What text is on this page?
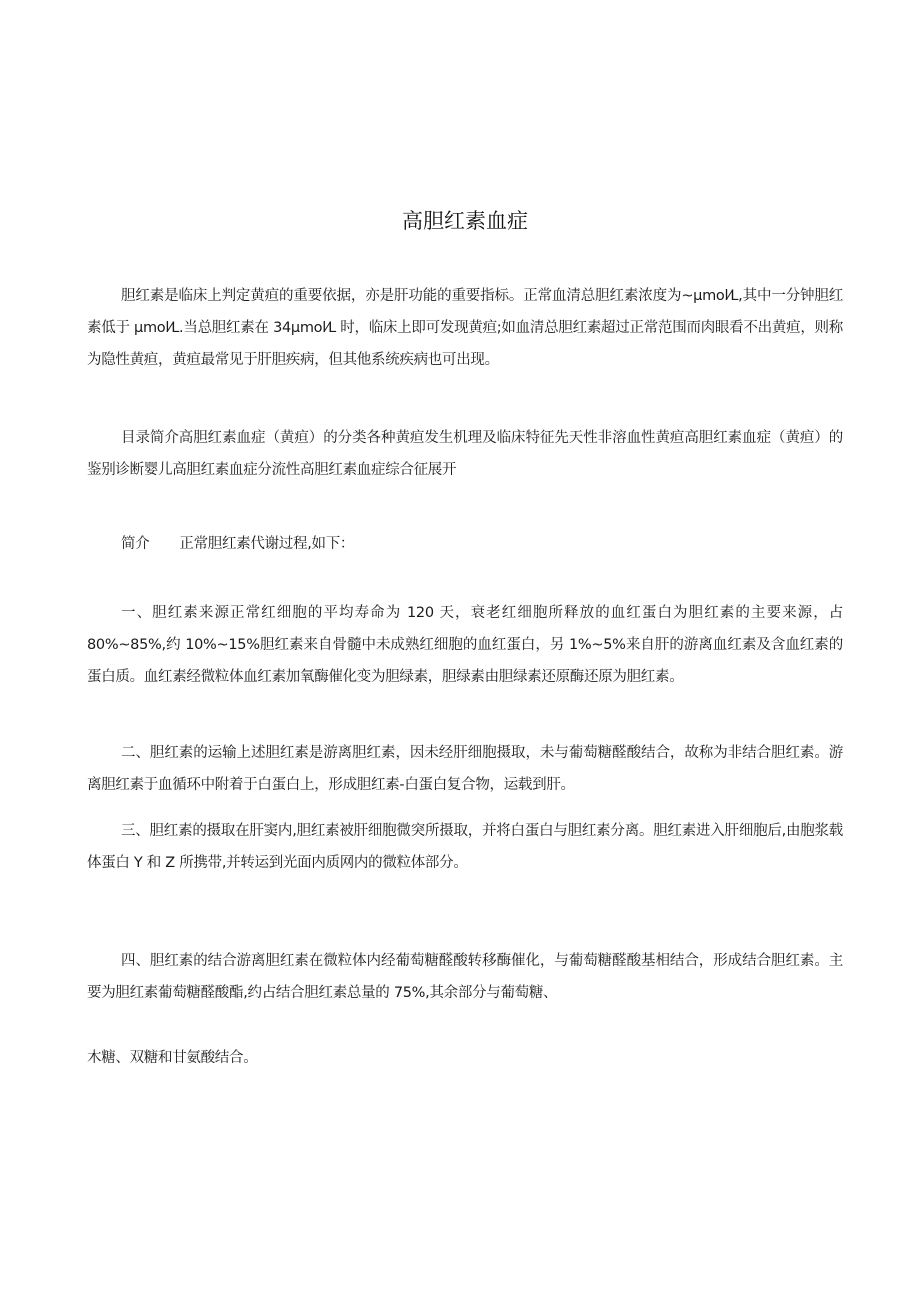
高胆红素血症

胆红素是临床上判定黄疸的重要依据，亦是肝功能的重要指标。正常血清总胆红素浓度为~μmol⁄L,其中一分钟胆红素低于 μmol⁄L.当总胆红素在 34μmol⁄L 时，临床上即可发现黄疸;如血清总胆红素超过正常范围而肉眼看不出黄疸，则称为隐性黄疸，黄疸最常见于肝胆疾病，但其他系统疾病也可出现。

目录简介高胆红素血症（黄疸）的分类各种黄疸发生机理及临床特征先天性非溶血性黄疸高胆红素血症（黄疸）的鉴别诊断婴儿高胆红素血症分流性高胆红素血症综合征展开

简介 正常胆红素代谢过程,如下：

一、胆红素来源正常红细胞的平均寿命为 120 天，衰老红细胞所释放的血红蛋白为胆红素的主要来源，占 80%~85%,约 10%~15%胆红素来自骨髓中未成熟红细胞的血红蛋白，另 1%~5%来自肝的游离血红素及含血红素的蛋白质。血红素经微粒体血红素加氧酶催化变为胆绿素，胆绿素由胆绿素还原酶还原为胆红素。

二、胆红素的运输上述胆红素是游离胆红素，因未经肝细胞摄取，未与葡萄糖醛酸结合，故称为非结合胆红素。游离胆红素于血循环中附着于白蛋白上，形成胆红素-白蛋白复合物，运载到肝。

三、胆红素的摄取在肝窦内,胆红素被肝细胞微突所摄取，并将白蛋白与胆红素分离。胆红素进入肝细胞后,由胞浆载体蛋白 Y 和 Z 所携带,并转运到光面内质网内的微粒体部分。

四、胆红素的结合游离胆红素在微粒体内经葡萄糖醛酸转移酶催化，与葡萄糖醛酸基相结合，形成结合胆红素。主要为胆红素葡萄糖醛酸酯,约占结合胆红素总量的 75%,其余部分与葡萄糖、

木糖、双糖和甘氨酸结合。
